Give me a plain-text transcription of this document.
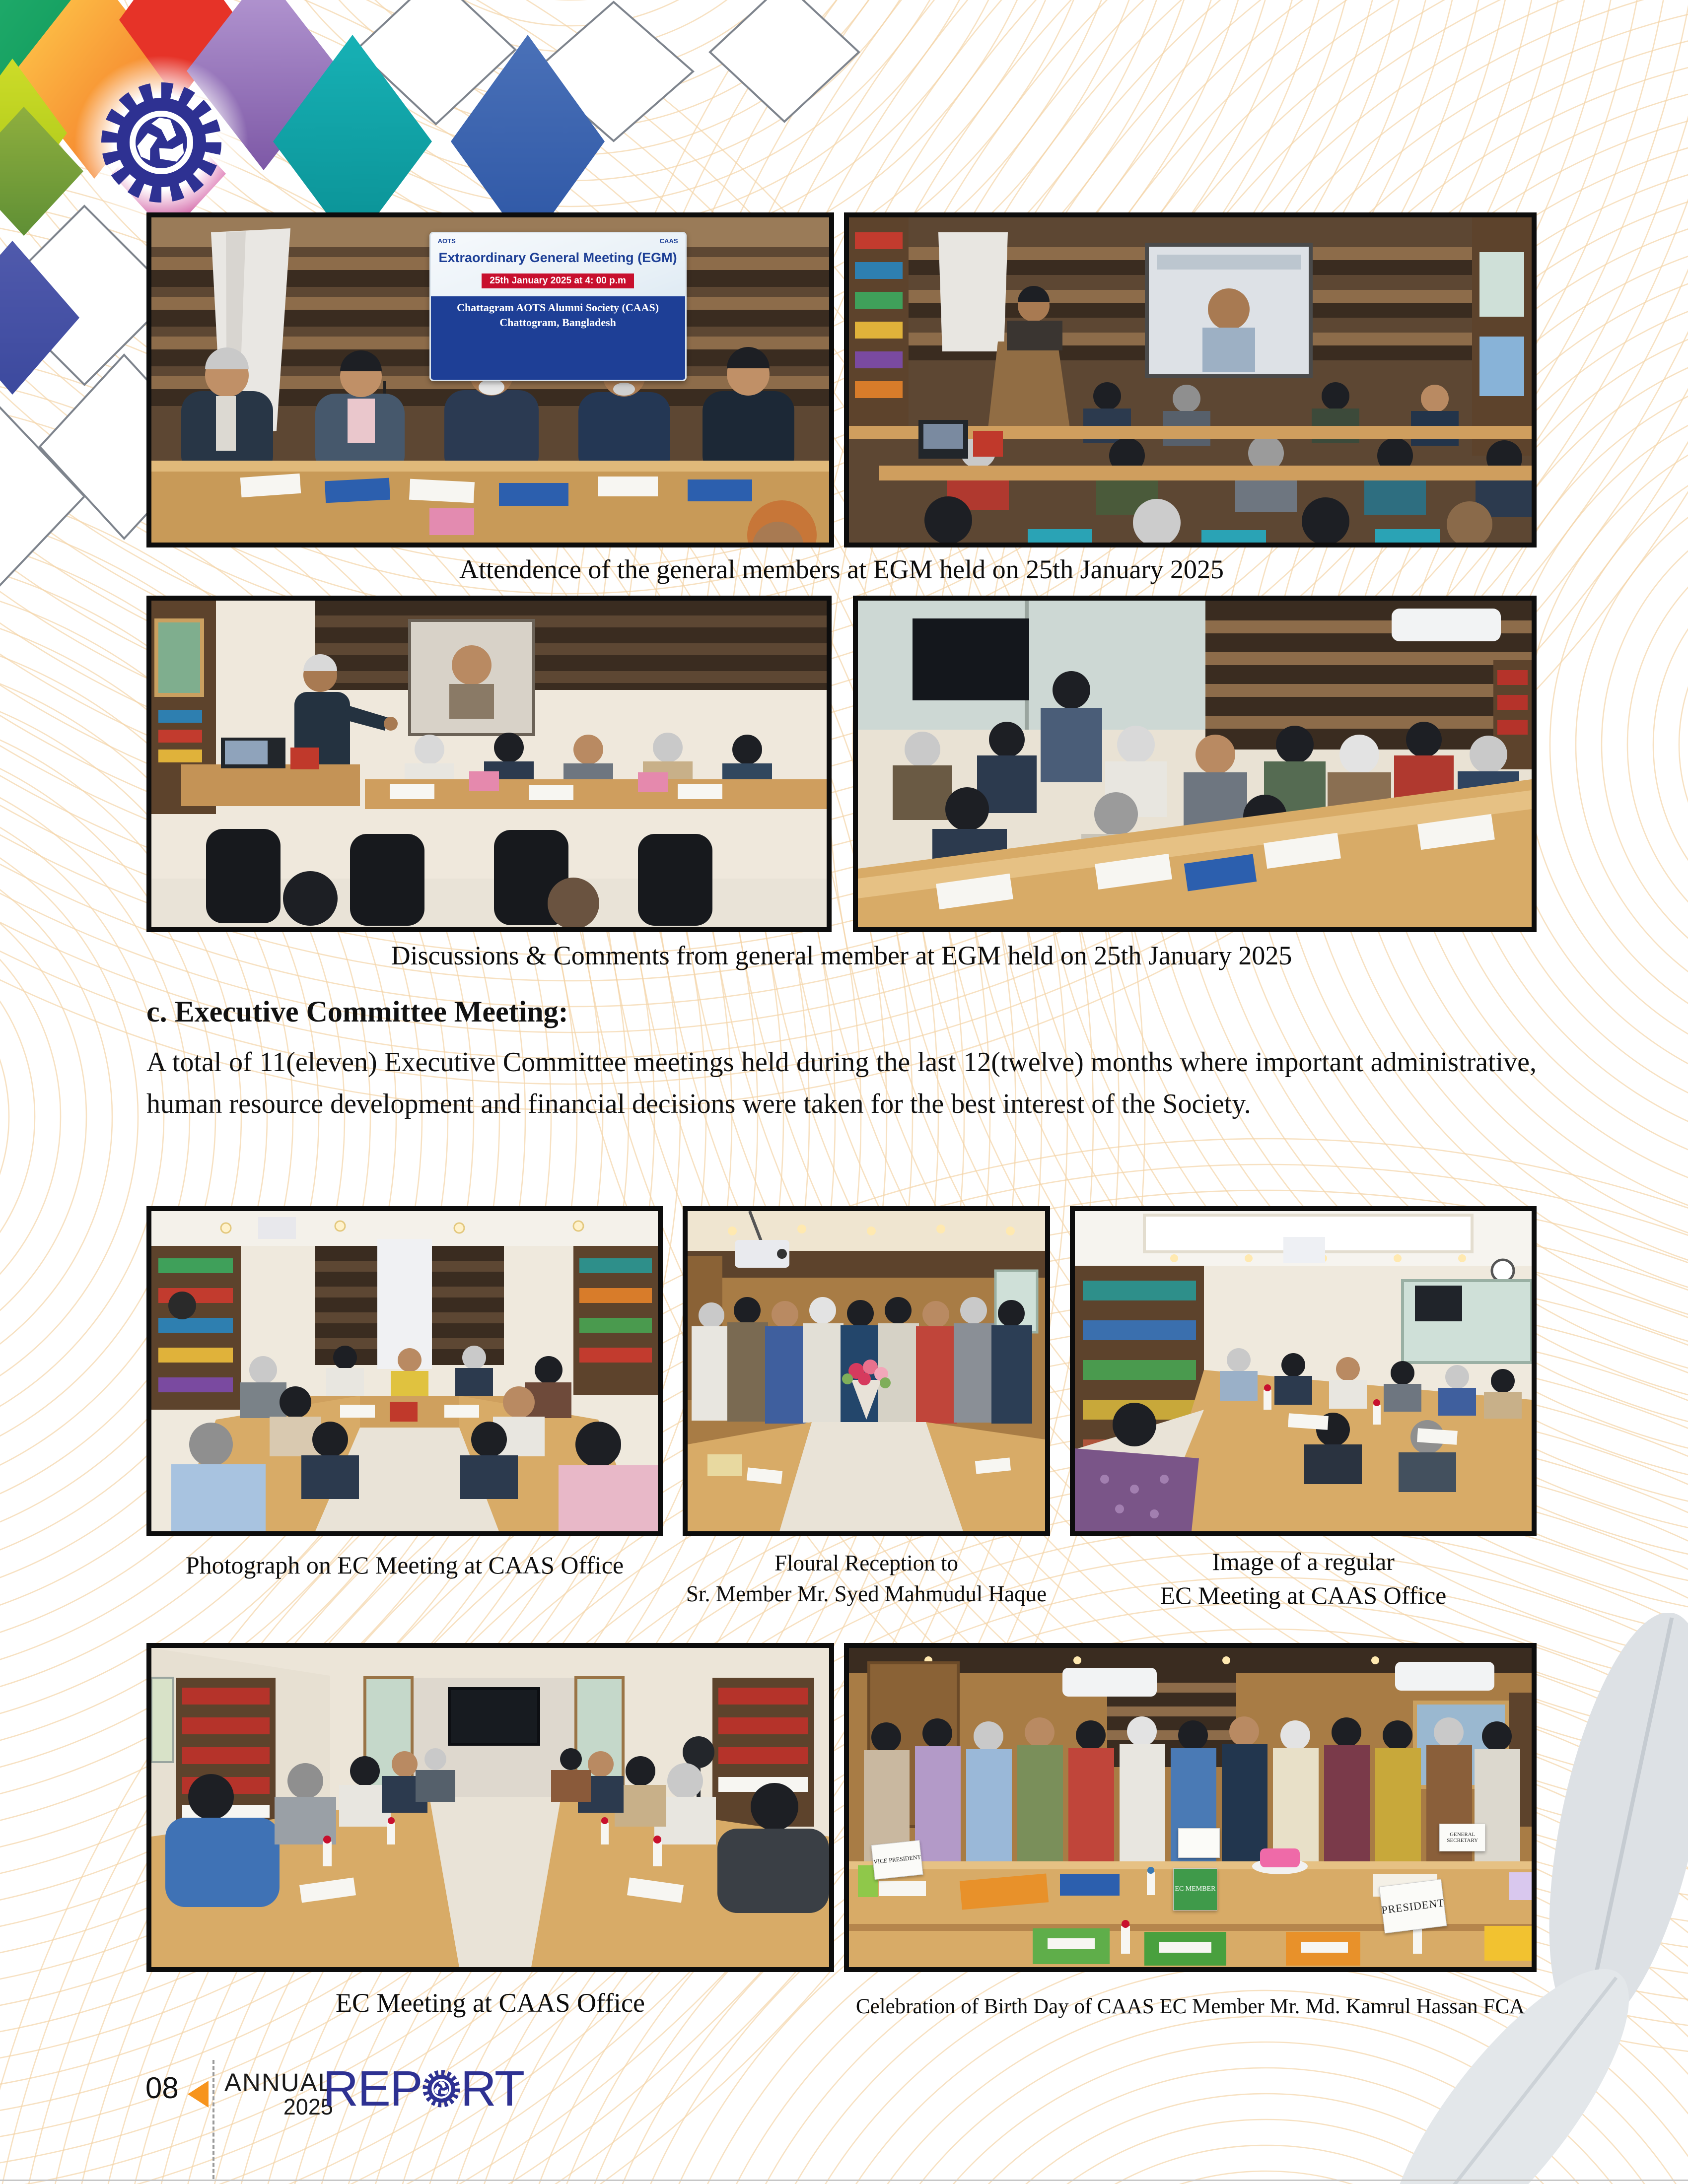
AOTS	CAAS
Extraordinary General Meeting (EGM)
25th January 2025 at 4: 00 p.m
Chattagram AOTS Alumni Society (CAAS)
Chattogram, Bangladesh
Attendence of the general members at EGM held on 25th January 2025
Discussions & Comments from general member at EGM held on 25th January 2025
c. Executive Committee Meeting:
A total of 11(eleven) Executive Committee meetings held during the last 12(twelve) months where important administrative, human resource development and financial decisions were taken for the best interest of the Society.
Photograph on EC Meeting at CAAS Office	Floural Reception to
Sr. Member Mr. Syed Mahmudul Haque
Image of a regular
EC Meeting at CAAS Office
VICE PRESIDENT
EC MEMBER
GENERAL SECRETARY
PRESIDENT
EC Meeting at CAAS Office	Celebration of Birth Day of CAAS EC Member Mr. Md. Kamrul Hassan FCA
08 ANNUAL
2025
REP RT
